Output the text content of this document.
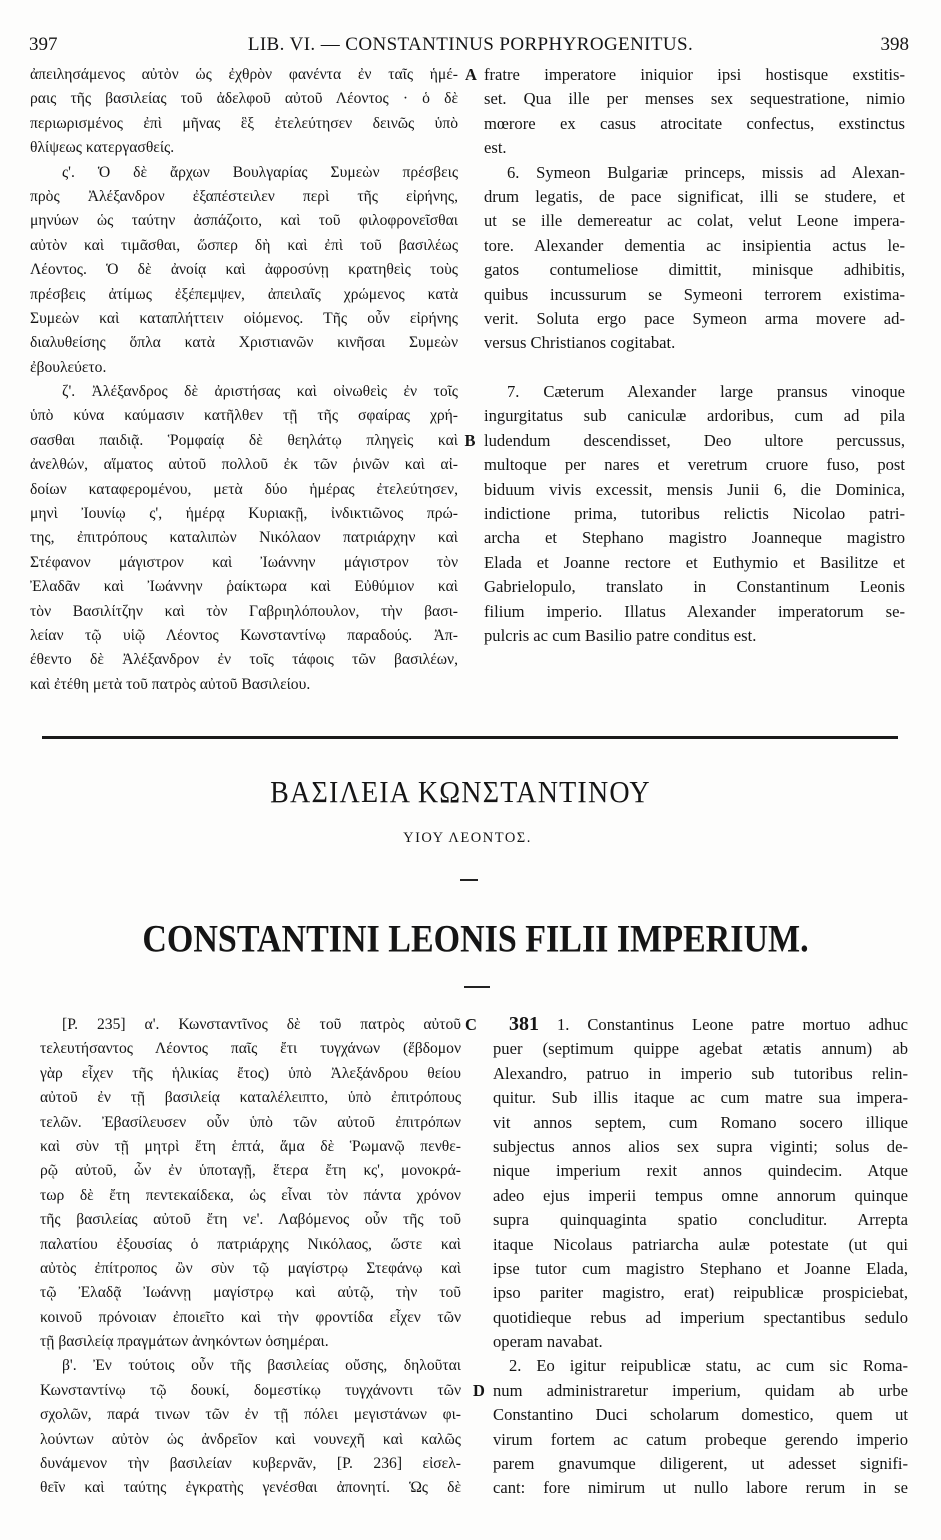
397	LIB. VI. — CONSTANTINUS PORPHYROGENITUS.	398
ἀπειλησάμενος αὐτὸν ὡς ἐχθρὸν φανέντα ἐν ταῖς ἡμέ-
ραις τῆς βασιλείας τοῦ ἀδελφοῦ αὐτοῦ Λέοντος · ὁ δὲ
περιωρισμένος ἐπὶ μῆνας ἓξ ἐτελεύτησεν δεινῶς ὑπὸ
θλίψεως κατεργασθείς.
ς'. Ὁ δὲ ἄρχων Βουλγαρίας Συμεὼν πρέσβεις
πρὸς Ἀλέξανδρον ἐξαπέστειλεν περὶ τῆς εἰρήνης,
μηνύων ὡς ταύτην ἀσπάζοιτο, καὶ τοῦ φιλοφρονεῖσθαι
αὐτὸν καὶ τιμᾶσθαι, ὥσπερ δὴ καὶ ἐπὶ τοῦ βασιλέως
Λέοντος. Ὁ δὲ ἀνοίᾳ καὶ ἀφροσύνῃ κρατηθεὶς τοὺς
πρέσβεις ἀτίμως ἐξέπεμψεν, ἀπειλαῖς χρώμενος κατὰ
Συμεὼν καὶ καταπλήττειν οἰόμενος. Τῆς οὖν εἰρήνης
διαλυθείσης ὅπλα κατὰ Χριστιανῶν κινῆσαι Συμεὼν
ἐβουλεύετο.
ζ'. Ἀλέξανδρος δὲ ἀριστήσας καὶ οἰνωθεὶς ἐν τοῖς
ὑπὸ κύνα καύμασιν κατῆλθεν τῇ τῆς σφαίρας χρή-
σασθαι παιδιᾷ. Ῥομφαίᾳ δὲ θεηλάτῳ πληγεὶς καὶ
ἀνελθών, αἵματος αὐτοῦ πολλοῦ ἐκ τῶν ῥινῶν καὶ αἰ-
δοίων καταφερομένου, μετὰ δύο ἡμέρας ἐτελεύτησεν,
μηνὶ Ἰουνίῳ ς', ἡμέρᾳ Κυριακῇ, ἰνδικτιῶνος πρώ-
της, ἐπιτρόπους καταλιπὼν Νικόλαον πατριάρχην καὶ
Στέφανον μάγιστρον καὶ Ἰωάννην μάγιστρον τὸν
Ἐλαδᾶν καὶ Ἰωάννην ῥαίκτωρα καὶ Εὐθύμιον καὶ
τὸν Βασιλίτζην καὶ τὸν Γαβριηλόπουλον, τὴν βασι-
λείαν τῷ υἱῷ Λέοντος Κωνσταντίνῳ παραδούς. Ἀπ-
έθεντο δὲ Ἀλέξανδρον ἐν τοῖς τάφοις τῶν βασιλέων,
καὶ ἐτέθη μετὰ τοῦ πατρὸς αὐτοῦ Βασιλείου.
A
B
fratre imperatore iniquior ipsi hostisque exstitis-
set. Qua ille per menses sex sequestratione, nimio
mœrore ex casus atrocitate confectus, exstinctus
est.
6. Symeon Bulgariæ princeps, missis ad Alexan-
drum legatis, de pace significat, illi se studere, et
ut se ille demereatur ac colat, velut Leone impera-
tore. Alexander dementia ac insipientia actus le-
gatos contumeliose dimittit, minisque adhibitis,
quibus incussurum se Symeoni terrorem existima-
verit. Soluta ergo pace Symeon arma movere ad-
versus Christianos cogitabat.
7. Cæterum Alexander large pransus vinoque
ingurgitatus sub caniculæ ardoribus, cum ad pila
ludendum descendisset, Deo ultore percussus,
multoque per nares et veretrum cruore fuso, post
biduum vivis excessit, mensis Junii 6, die Dominica,
indictione prima, tutoribus relictis Nicolao patri-
archa et Stephano magistro Joanneque magistro
Elada et Joanne rectore et Euthymio et Basilitze et
Gabrielopulo, translato in Constantinum Leonis
filium imperio. Illatus Alexander imperatorum se-
pulcris ac cum Basilio patre conditus est.
ΒΑΣΙΛΕΙΑ ΚΩΝΣΤΑΝΤΙΝΟΥ
ΥΙΟΥ ΛΕΟΝΤΟΣ.
CONSTANTINI LEONIS FILII IMPERIUM.
[P. 235] α'. Κωνσταντῖνος δὲ τοῦ πατρὸς αὐτοῦ
τελευτήσαντος Λέοντος παῖς ἔτι τυγχάνων (ἕβδομον
γὰρ εἶχεν τῆς ἡλικίας ἔτος) ὑπὸ Ἀλεξάνδρου θείου
αὐτοῦ ἐν τῇ βασιλείᾳ καταλέλειπτο, ὑπὸ ἐπιτρόπους
τελῶν. Ἐβασίλευσεν οὖν ὑπὸ τῶν αὐτοῦ ἐπιτρόπων
καὶ σὺν τῇ μητρὶ ἔτη ἑπτά, ἅμα δὲ Ῥωμανῷ πενθε-
ρῷ αὐτοῦ, ὧν ἐν ὑποταγῇ, ἕτερα ἔτη κς', μονοκρά-
τωρ δὲ ἔτη πεντεκαίδεκα, ὡς εἶναι τὸν πάντα χρόνον
τῆς βασιλείας αὐτοῦ ἔτη νε'. Λαβόμενος οὖν τῆς τοῦ
παλατίου ἐξουσίας ὁ πατριάρχης Νικόλαος, ὥστε καὶ
αὐτὸς ἐπίτροπος ὢν σὺν τῷ μαγίστρῳ Στεφάνῳ καὶ
τῷ Ἐλαδᾷ Ἰωάννῃ μαγίστρῳ καὶ αὐτῷ, τὴν τοῦ
κοινοῦ πρόνοιαν ἐποιεῖτο καὶ τὴν φροντίδα εἶχεν τῶν
τῇ βασιλείᾳ πραγμάτων ἀνηκόντων ὁσημέραι.
β'. Ἐν τούτοις οὖν τῆς βασιλείας οὔσης, δηλοῦται
Κωνσταντίνῳ τῷ δουκί, δομεστίκῳ τυγχάνοντι τῶν
σχολῶν, παρά τινων τῶν ἐν τῇ πόλει μεγιστάνων φι-
λούντων αὐτὸν ὡς ἀνδρεῖον καὶ νουνεχῆ καὶ καλῶς
δυνάμενον τὴν βασιλείαν κυβερνᾶν, [P. 236] εἰσελ-
θεῖν καὶ ταύτης ἐγκρατὴς γενέσθαι ἀπονητί. Ὡς δὲ
C
D
381 1. Constantinus Leone patre mortuo adhuc
puer (septimum quippe agebat ætatis annum) ab
Alexandro, patruo in imperio sub tutoribus relin-
quitur. Sub illis itaque ac cum matre sua impera-
vit annos septem, cum Romano socero illique
subjectus annos alios sex supra viginti; solus de-
nique imperium rexit annos quindecim. Atque
adeo ejus imperii tempus omne annorum quinque
supra quinquaginta spatio concluditur. Arrepta
itaque Nicolaus patriarcha aulæ potestate (ut qui
ipse tutor cum magistro Stephano et Joanne Elada,
ipso pariter magistro, erat) reipublicæ prospiciebat,
quotidieque rebus ad imperium spectantibus sedulo
operam navabat.
2. Eo igitur reipublicæ statu, ac cum sic Roma-
num administraretur imperium, quidam ab urbe
Constantino Duci scholarum domestico, quem ut
virum fortem ac catum probeque gerendo imperio
parem gnavumque diligerent, ut adesset signifi-
cant: fore nimirum ut nullo labore rerum in se
